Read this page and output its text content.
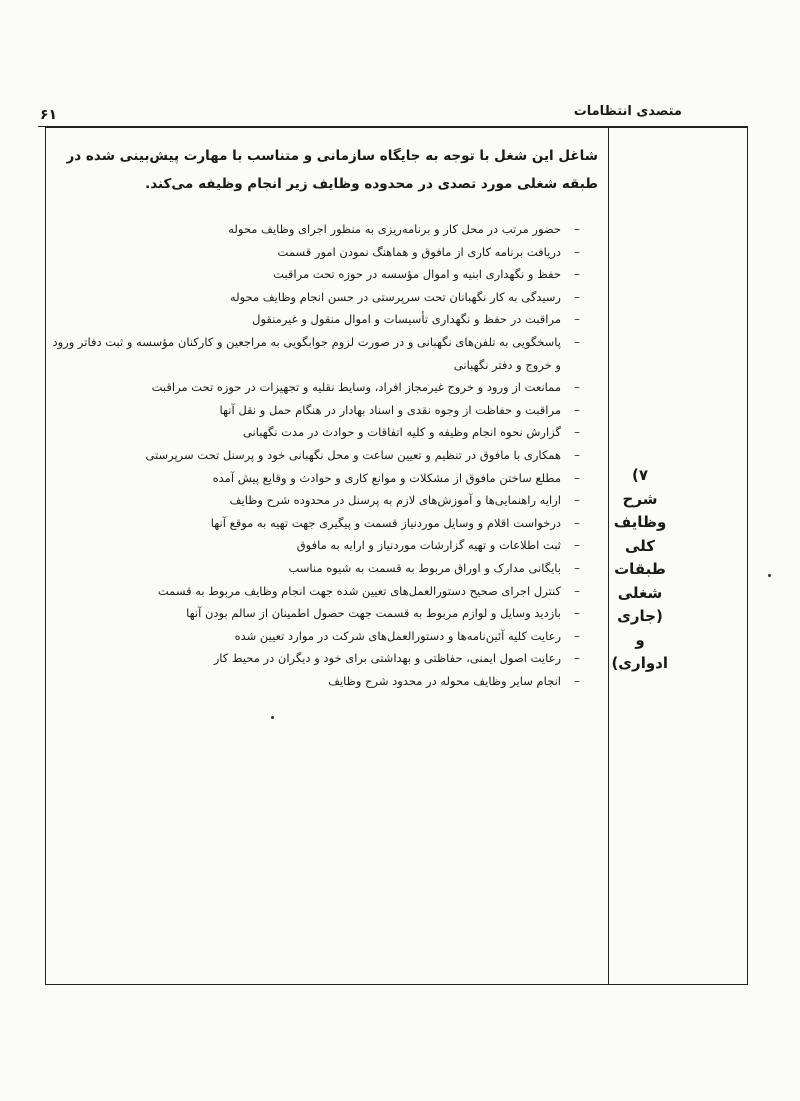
متصدی انتظامات
۶۱
۷) شرح
وظایف
کلی
طبقات
شغلی
(جاری و
ادواری)
شاغل این شغل با توجه به جایگاه سازمانی و متناسب با مهارت پیش‌بینی شده در طبقه شغلی مورد تصدی در محدوده وظایف زیر انجام وظیفه می‌کند.
–
حضور مرتب در محل کار و برنامه‌ریزی به منظور اجرای وظایف محوله
–
دریافت برنامه کاری از مافوق و هماهنگ نمودن امور قسمت
–
حفظ و نگهداری ابنیه و اموال مؤسسه در حوزه تحت مراقبت
–
رسیدگی به کار نگهبانان تحت سرپرستی در حسن انجام وظایف محوله
–
مراقبت در حفظ و نگهداری تأسیسات و اموال منقول و غیرمنقول
–
پاسخگویی به تلفن‌های نگهبانی و در صورت لزوم جوابگویی به مراجعین و کارکنان مؤسسه و ثبت دفاتر ورود و خروج و دفتر نگهبانی
–
ممانعت از ورود و خروج غیرمجاز افراد، وسایط نقلیه و تجهیزات در حوزه تحت مراقبت
–
مراقبت و حفاظت از وجوه نقدی و اسناد بهادار در هنگام حمل و نقل آنها
–
گزارش نحوه انجام وظیفه و کلیه اتفاقات و حوادث در مدت نگهبانی
–
همکاری با مافوق در تنظیم و تعیین ساعت و محل نگهبانی خود و پرسنل تحت سرپرستی
–
مطلع ساختن مافوق از مشکلات و موانع کاری و حوادث و وقایع پیش آمده
–
ارایه راهنمایی‌ها و آموزش‌های لازم به پرسنل در محدوده شرح وظایف
–
درخواست اقلام و وسایل موردنیاز قسمت و پیگیری جهت تهیه به موقع آنها
–
ثبت اطلاعات و تهیه گزارشات موردنیاز و ارایه به مافوق
–
بایگانی مدارک و اوراق مربوط به قسمت به شیوه مناسب
–
کنترل اجرای صحیح دستورالعمل‌های تعیین شده جهت انجام وظایف مربوط به قسمت
–
بازدید وسایل و لوازم مربوط به قسمت جهت حصول اطمینان از سالم بودن آنها
–
رعایت کلیه آئین‌نامه‌ها و دستورالعمل‌های شرکت در موارد تعیین شده
–
رعایت اصول ایمنی، حفاظتی و بهداشتی برای خود و دیگران در محیط کار
–
انجام سایر وظایف محوله در محدود شرح وظایف
